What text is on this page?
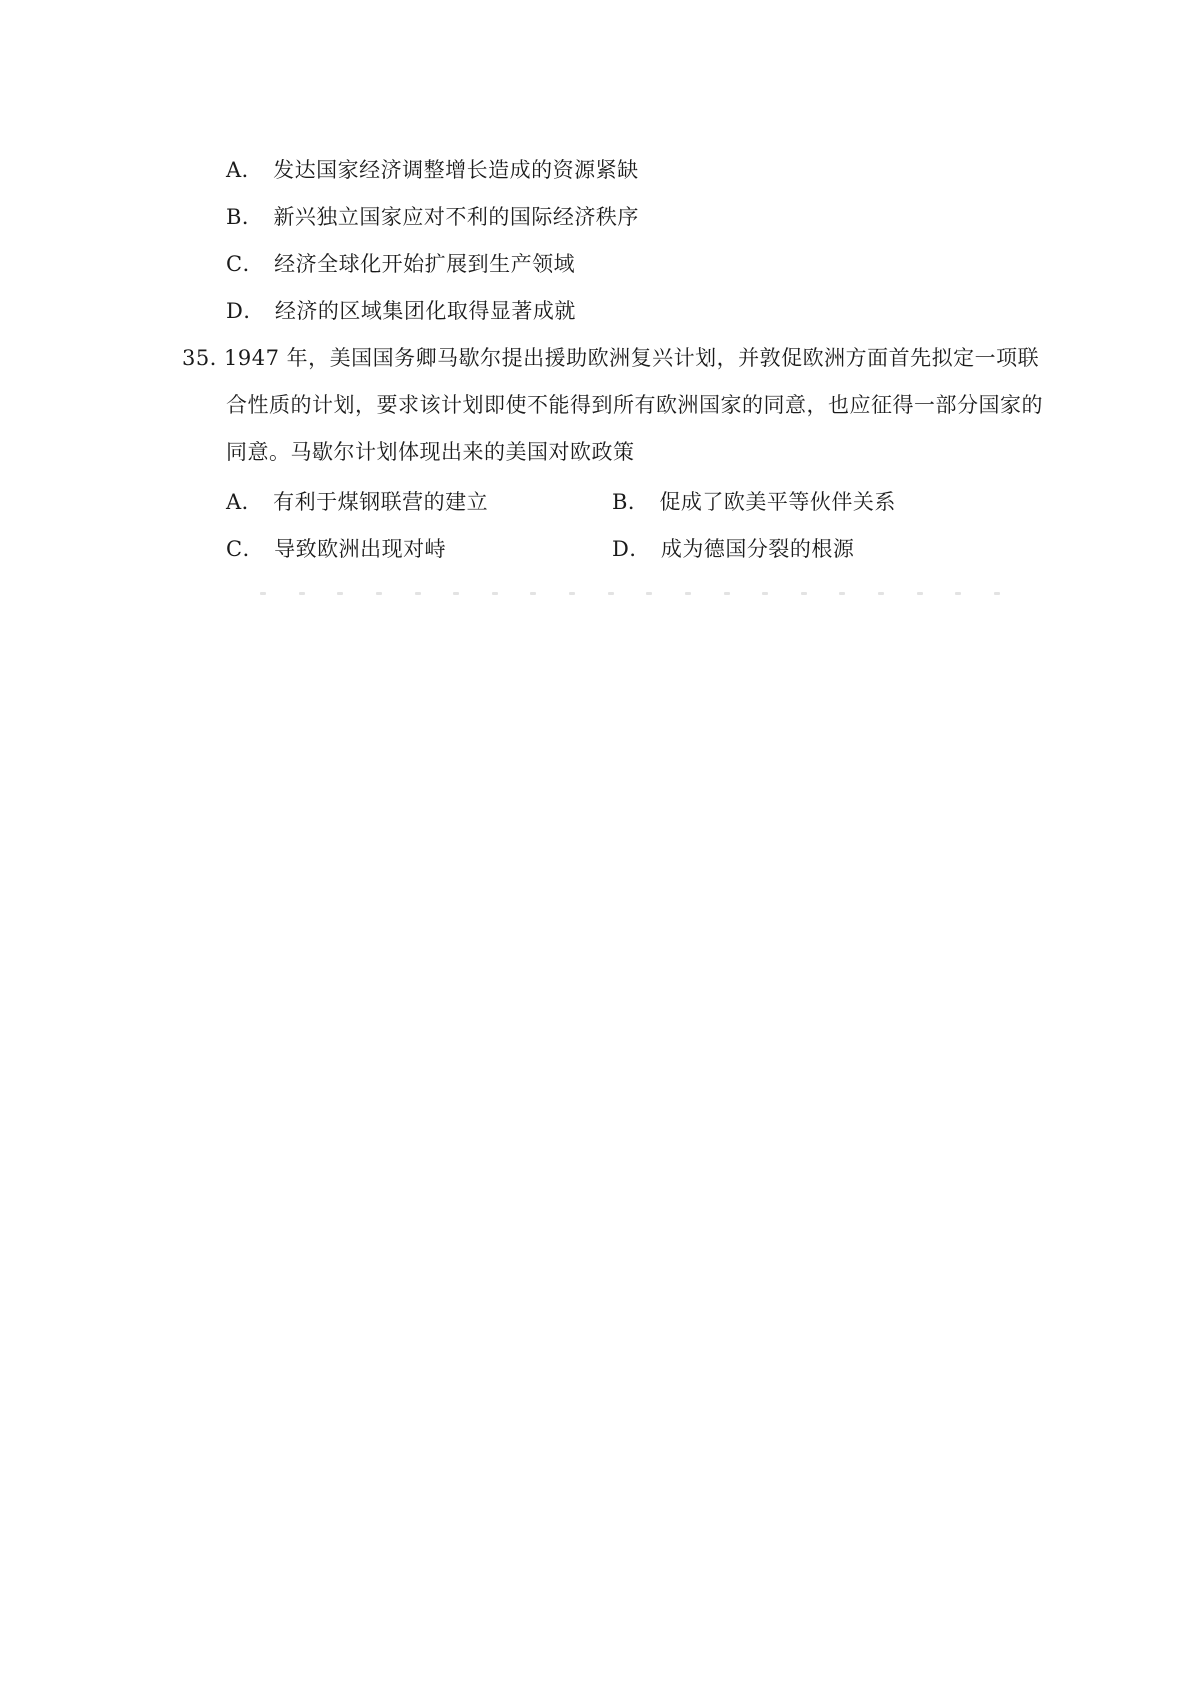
A． 发达国家经济调整增长造成的资源紧缺
B． 新兴独立国家应对不利的国际经济秩序
C． 经济全球化开始扩展到生产领域
D． 经济的区域集团化取得显著成就
35．
1947 年，美国国务卿马歇尔提出援助欧洲复兴计划，并敦促欧洲方面首先拟定一项联
合性质的计划，要求该计划即使不能得到所有欧洲国家的同意，也应征得一部分国家的
同意。马歇尔计划体现出来的美国对欧政策
A． 有利于煤钢联营的建立	B． 促成了欧美平等伙伴关系
C． 导致欧洲出现对峙	D． 成为德国分裂的根源
